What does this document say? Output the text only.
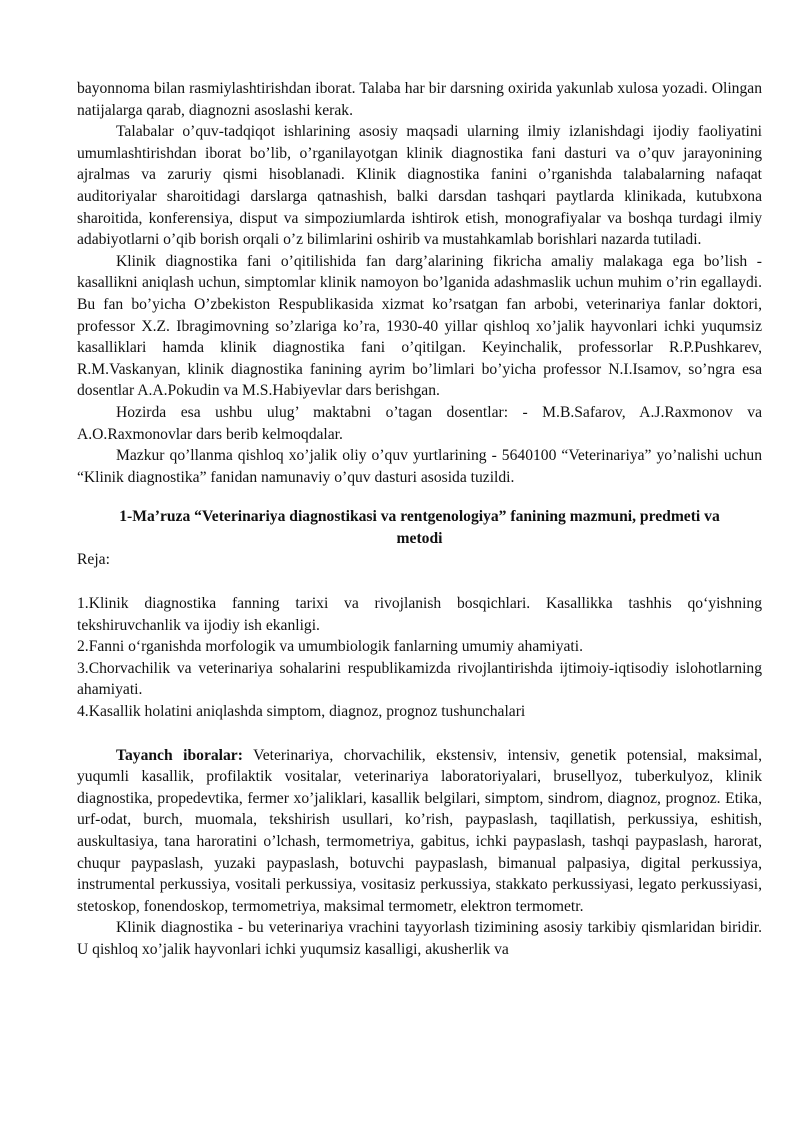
bayonnoma bilan rasmiylashtirishdan iborat. Talaba har bir darsning oxirida yakunlab xulosa yozadi. Olingan natijalarga qarab, diagnozni asoslashi kerak.

Talabalar o’quv-tadqiqot ishlarining asosiy maqsadi ularning ilmiy izlanishdagi ijodiy faoliyatini umumlashtirishdan iborat bo’lib, o’rganilayotgan klinik diagnostika fani dasturi va o’quv jarayonining ajralmas va zaruriy qismi hisoblanadi. Klinik diagnostika fanini o’rganishda talabalarning nafaqat auditoriyalar sharoitidagi darslarga qatnashish, balki darsdan tashqari paytlarda klinikada, kutubxona sharoitida, konferensiya, disput va simpoziumlarda ishtirok etish, monografiyalar va boshqa turdagi ilmiy adabiyotlarni o’qib borish orqali o’z bilimlarini oshirib va mustahkamlab borishlari nazarda tutiladi.

Klinik diagnostika fani o’qitilishida fan darg’alarining fikricha amaliy malakaga ega bo’lish - kasallikni aniqlash uchun, simptomlar klinik namoyon bo’lganida adashmaslik uchun muhim o’rin egallaydi. Bu fan bo’yicha O’zbekiston Respublikasida xizmat ko’rsatgan fan arbobi, veterinariya fanlar doktori, professor X.Z. Ibragimovning so’zlariga ko’ra, 1930-40 yillar qishloq xo’jalik hayvonlari ichki yuqumsiz kasalliklari hamda klinik diagnostika fani o’qitilgan. Keyinchalik, professorlar R.P.Pushkarev, R.M.Vaskanyan, klinik diagnostika fanining ayrim bo’limlari bo’yicha professor N.I.Isamov, so’ngra esa dosentlar A.A.Pokudin va M.S.Habiyevlar dars berishgan.

Hozirda esa ushbu ulug’ maktabni o’tagan dosentlar: - M.B.Safarov, A.J.Raxmonov va A.O.Raxmonovlar dars berib kelmoqdalar.

Mazkur qo’llanma qishloq xo’jalik oliy o’quv yurtlarining - 5640100 “Veterinariya” yo’nalishi uchun “Klinik diagnostika” fanidan namunaviy o’quv dasturi asosida tuzildi.

1-Ma’ruza “Veterinariya diagnostikasi va rentgenologiya” fanining mazmuni, predmeti va metodi

Reja:

1.Klinik diagnostika fanning tarixi va rivojlanish bosqichlari. Kasallikka tashhis qo‘yishning tekshiruvchanlik va ijodiy ish ekanligi.
2.Fanni o‘rganishda morfologik va umumbiologik fanlarning umumiy ahamiyati.
3.Chorvachilik va veterinariya sohalarini respublikamizda rivojlantirishda ijtimoiy-iqtisodiy islohotlarning ahamiyati.
4.Kasallik holatini aniqlashda simptom, diagnoz, prognoz tushunchalari

Tayanch iboralar: Veterinariya, chorvachilik, ekstensiv, intensiv, genetik potensial, maksimal, yuqumli kasallik, profilaktik vositalar, veterinariya laboratoriyalari, brusellyoz, tuberkulyoz, klinik diagnostika, propedevtika, fermer xo’jaliklari, kasallik belgilari, simptom, sindrom, diagnoz, prognoz. Etika, urf-odat, burch, muomala, tekshirish usullari, ko’rish, paypaslash, taqillatish, perkussiya, eshitish, auskultasiya, tana haroratini o’lchash, termometriya, gabitus, ichki paypaslash, tashqi paypaslash, harorat, chuqur paypaslash, yuzaki paypaslash, botuvchi paypaslash, bimanual palpasiya, digital perkussiya, instrumental perkussiya, vositali perkussiya, vositasiz perkussiya, stakkato perkussiyasi, legato perkussiyasi, stetoskop, fonendoskop, termometriya, maksimal termometr, elektron termometr.

Klinik diagnostika - bu veterinariya vrachini tayyorlash tizimining asosiy tarkibiy qismlaridan biridir. U qishloq xo’jalik hayvonlari ichki yuqumsiz kasalligi, akusherlik va
